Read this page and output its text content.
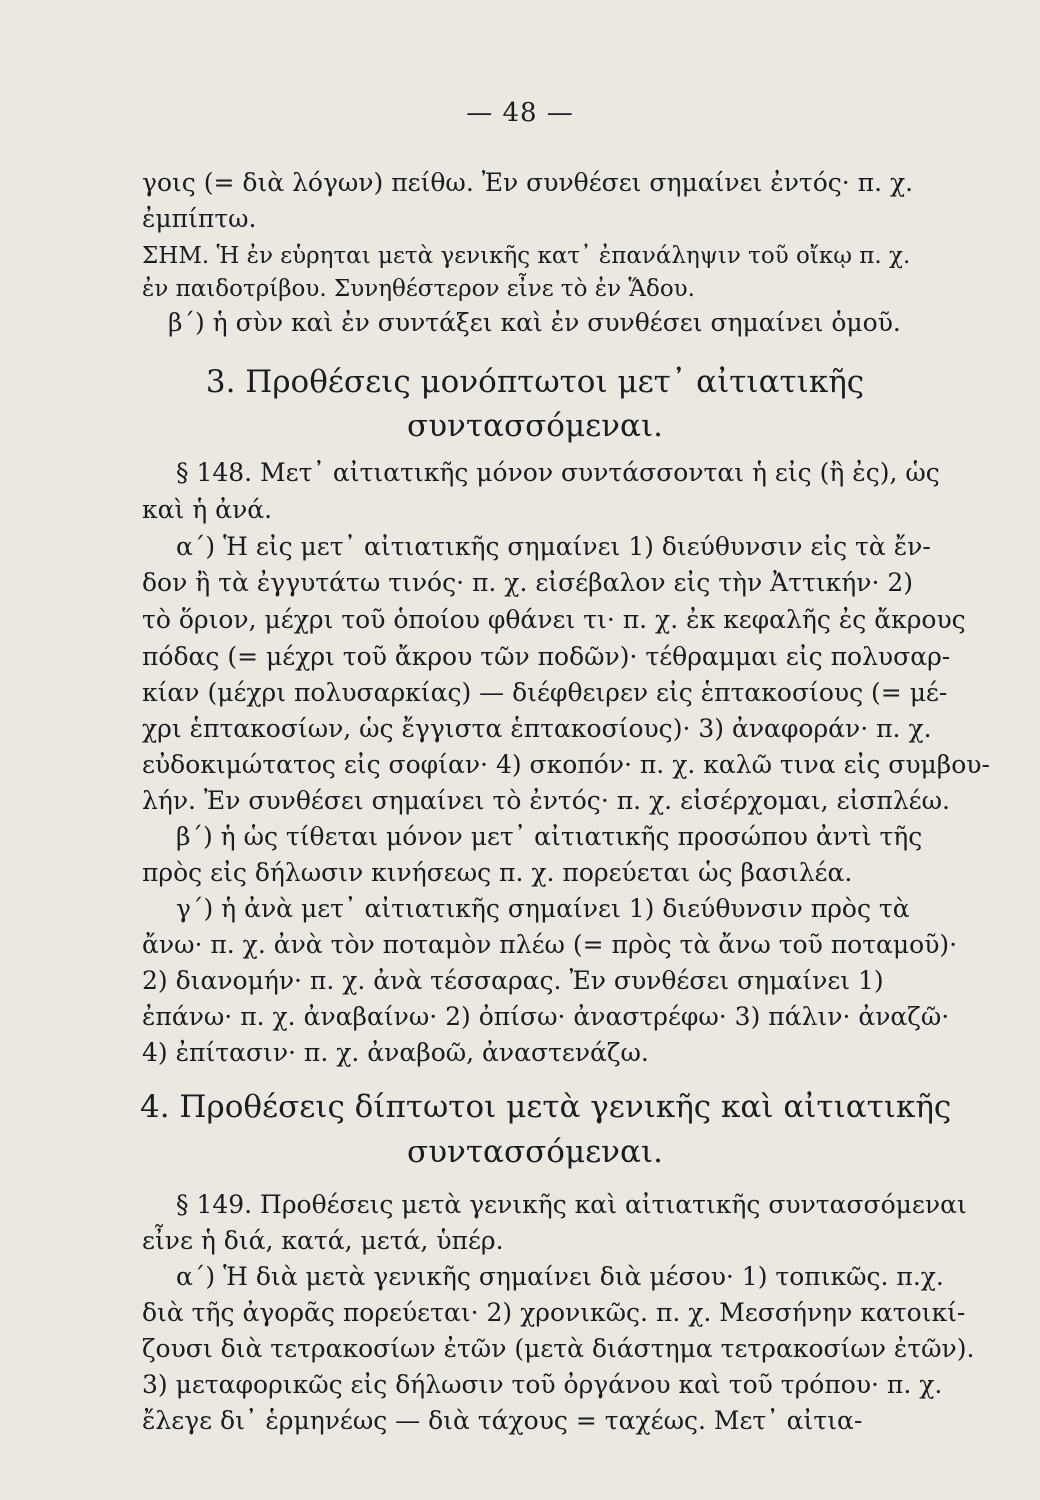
— 48 —
γοις (= διὰ λόγων) πείθω. Ἐν συνθέσει σημαίνει ἐντός· π. χ.
ἐμπίπτω.
ΣΗΜ. Ἡ ἐν εὑρηται μετὰ γενικῆς κατ᾽ ἐπανάληψιν τοῦ οἴκῳ π. χ.
ἐν παιδοτρίβου. Συνηθέστερον εἶνε τὸ ἐν Ἅδου.
β´) ἡ σὺν καὶ ἐν συντάξει καὶ ἐν συνθέσει σημαίνει ὁμοῦ.
3. Προθέσεις μονόπτωτοι μετ᾽ αἰτιατικῆς
συντασσόμεναι.
§ 148. Μετ᾽ αἰτιατικῆς μόνον συντάσσονται ἡ εἰς (ἢ ἐς), ὡς
καὶ ἡ ἀνά.
α´) Ἡ εἰς μετ᾽ αἰτιατικῆς σημαίνει 1) διεύθυνσιν εἰς τὰ ἔν-
δον ἢ τὰ ἐγγυτάτω τινός· π. χ. εἰσέβαλον εἰς τὴν Ἀττικήν· 2)
τὸ ὅριον, μέχρι τοῦ ὁποίου φθάνει τι· π. χ. ἐκ κεφαλῆς ἐς ἄκρους
πόδας (= μέχρι τοῦ ἄκρου τῶν ποδῶν)· τέθραμμαι εἰς πολυσαρ-
κίαν (μέχρι πολυσαρκίας) — διέφθειρεν εἰς ἑπτακοσίους (= μέ-
χρι ἑπτακοσίων, ὡς ἔγγιστα ἑπτακοσίους)· 3) ἀναφοράν· π. χ.
εὐδοκιμώτατος εἰς σοφίαν· 4) σκοπόν· π. χ. καλῶ τινα εἰς συμβου-
λήν. Ἐν συνθέσει σημαίνει τὸ ἐντός· π. χ. εἰσέρχομαι, εἰσπλέω.
β´) ἡ ὡς τίθεται μόνον μετ᾽ αἰτιατικῆς προσώπου ἀντὶ τῆς
πρὸς εἰς δήλωσιν κινήσεως π. χ. πορεύεται ὡς βασιλέα.
γ´) ἡ ἀνὰ μετ᾽ αἰτιατικῆς σημαίνει 1) διεύθυνσιν πρὸς τὰ
ἄνω· π. χ. ἀνὰ τὸν ποταμὸν πλέω (= πρὸς τὰ ἄνω τοῦ ποταμοῦ)·
2) διανομήν· π. χ. ἀνὰ τέσσαρας. Ἐν συνθέσει σημαίνει 1)
ἐπάνω· π. χ. ἀναβαίνω· 2) ὀπίσω· ἀναστρέφω· 3) πάλιν· ἀναζῶ·
4) ἐπίτασιν· π. χ. ἀναβοῶ, ἀναστενάζω.
4. Προθέσεις δίπτωτοι μετὰ γενικῆς καὶ αἰτιατικῆς
συντασσόμεναι.
§ 149. Προθέσεις μετὰ γενικῆς καὶ αἰτιατικῆς συντασσόμεναι
εἶνε ἡ διά, κατά, μετά, ὑπέρ.
α´) Ἡ διὰ μετὰ γενικῆς σημαίνει διὰ μέσου· 1) τοπικῶς. π.χ.
διὰ τῆς ἀγορᾶς πορεύεται· 2) χρονικῶς. π. χ. Μεσσήνην κατοικί-
ζουσι διὰ τετρακοσίων ἐτῶν (μετὰ διάστημα τετρακοσίων ἐτῶν).
3) μεταφορικῶς εἰς δήλωσιν τοῦ ὀργάνου καὶ τοῦ τρόπου· π. χ.
ἔλεγε δι᾽ ἑρμηνέως — διὰ τάχους = ταχέως. Μετ᾽ αἰτια-
